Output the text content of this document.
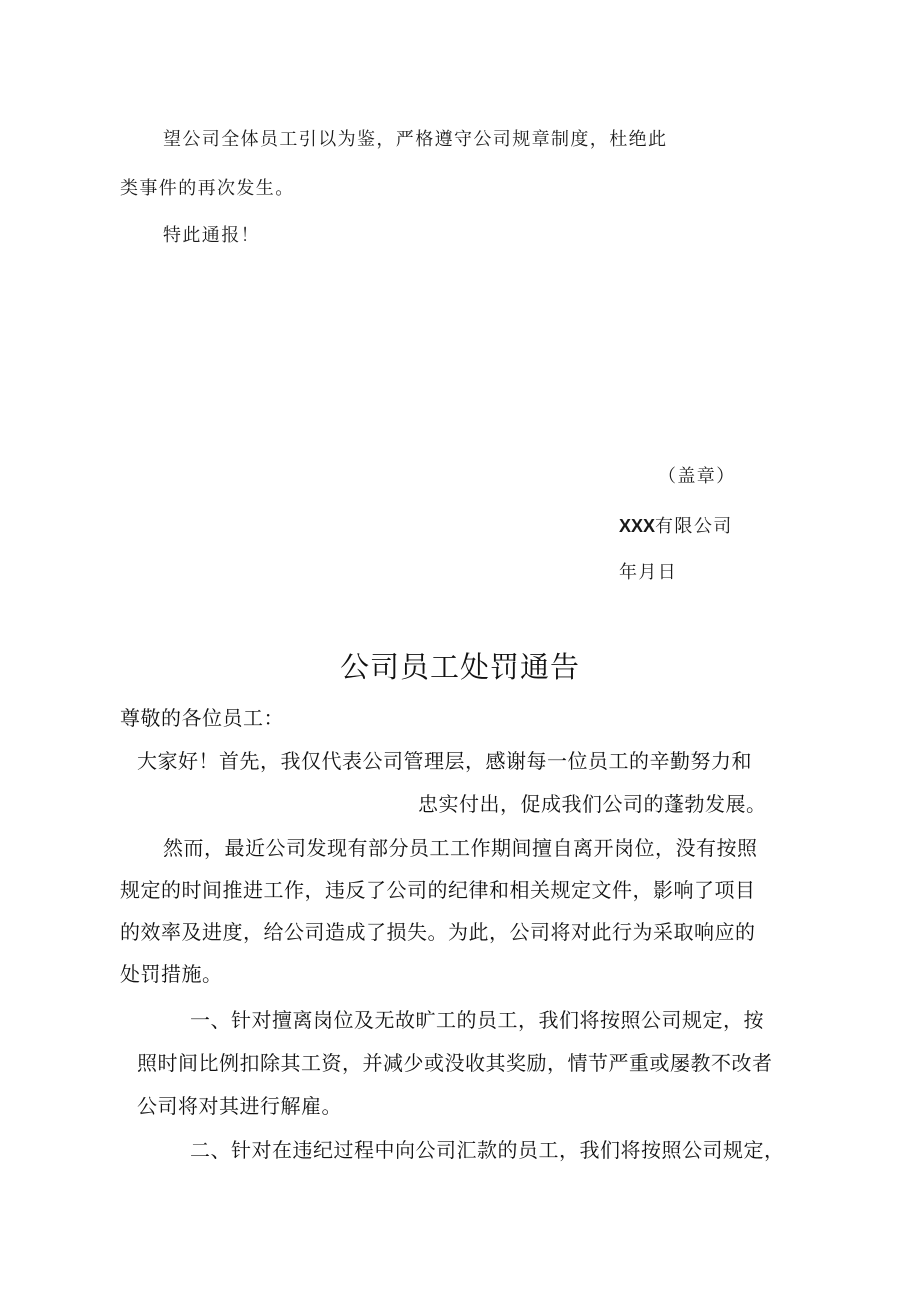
望公司全体员工引以为鉴，严格遵守公司规章制度，杜绝此

类事件的再次发生。

特此通报！

（盖章）

XXX有限公司

年月日

公司员工处罚通告

尊敬的各位员工：

大家好！首先，我仅代表公司管理层，感谢每一位员工的辛勤努力和

忠实付出，促成我们公司的蓬勃发展。

然而，最近公司发现有部分员工工作期间擅自离开岗位，没有按照

规定的时间推进工作，违反了公司的纪律和相关规定文件，影响了项目

的效率及进度，给公司造成了损失。为此，公司将对此行为采取响应的

处罚措施。

一、针对擅离岗位及无故旷工的员工，我们将按照公司规定，按

照时间比例扣除其工资，并减少或没收其奖励，情节严重或屡教不改者

公司将对其进行解雇。

二、针对在违纪过程中向公司汇款的员工，我们将按照公司规定，
